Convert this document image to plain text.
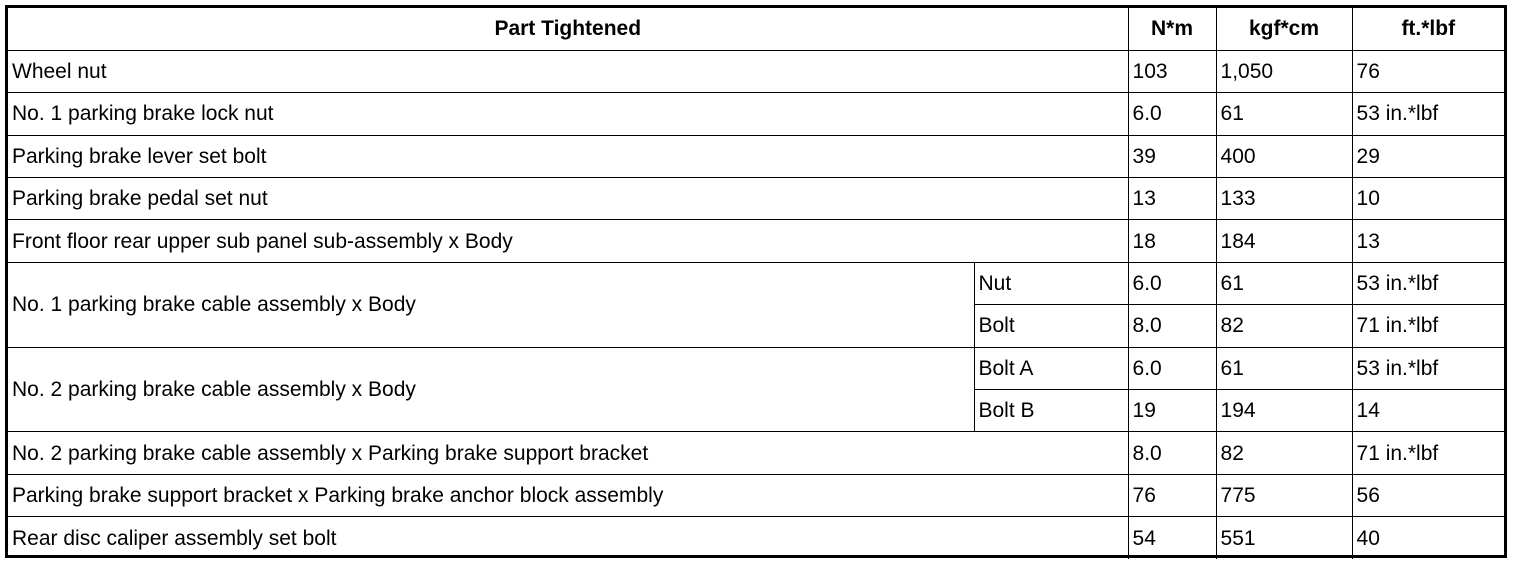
Part Tightened		N*m	kgf*cm	ft.*lbf
Wheel nut		103	1,050	76
No. 1 parking brake lock nut		6.0	61	53 in.*lbf
Parking brake lever set bolt		39	400	29
Parking brake pedal set nut		13	133	10
Front floor rear upper sub panel sub-assembly x Body		18	184	13
No. 1 parking brake cable assembly x Body	Nut	6.0	61	53 in.*lbf
	Bolt	8.0	82	71 in.*lbf
No. 2 parking brake cable assembly x Body	Bolt A	6.0	61	53 in.*lbf
	Bolt B	19	194	14
No. 2 parking brake cable assembly x Parking brake support bracket		8.0	82	71 in.*lbf
Parking brake support bracket x Parking brake anchor block assembly		76	775	56
Rear disc caliper assembly set bolt		54	551	40
